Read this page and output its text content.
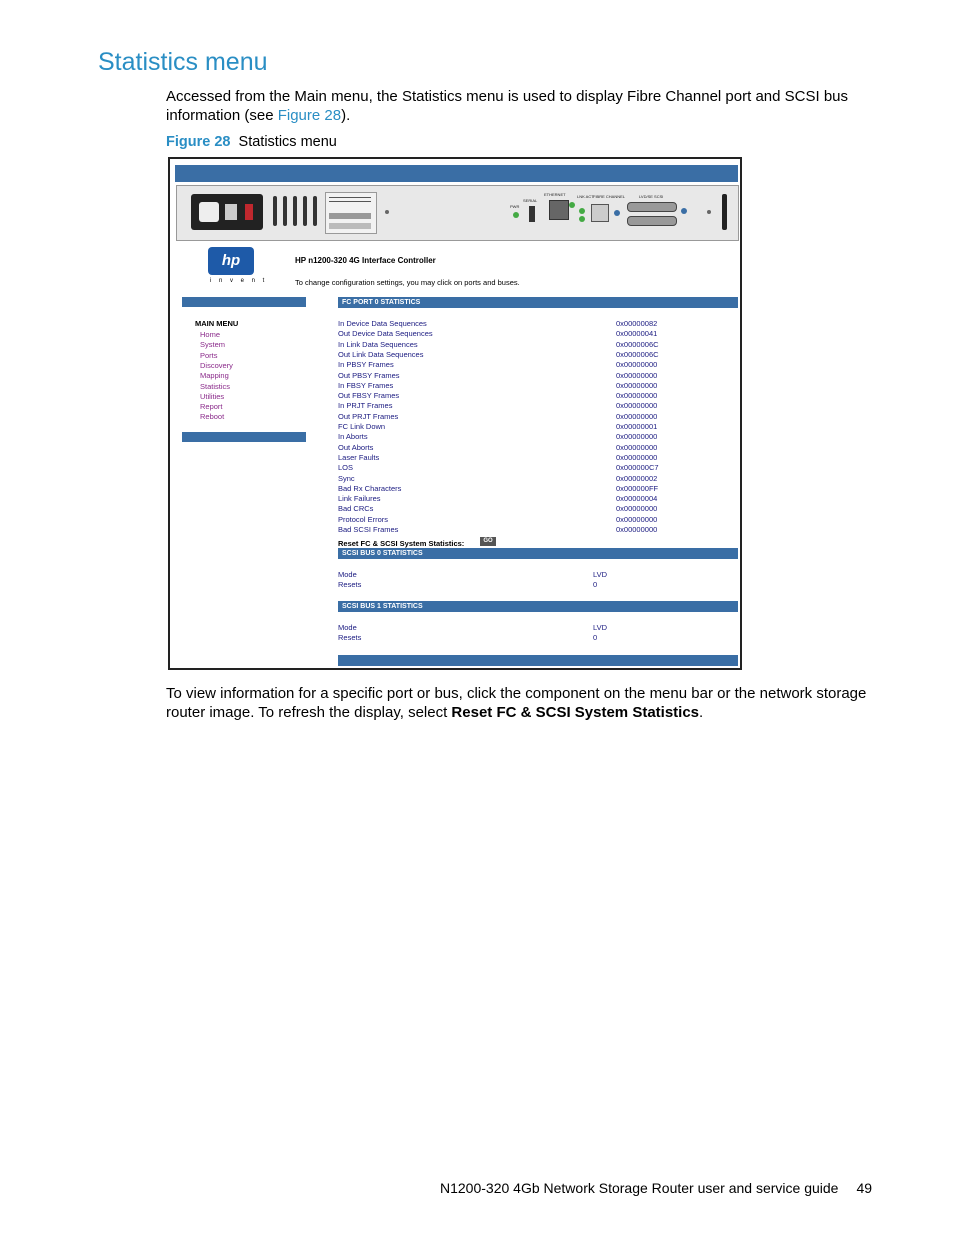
Statistics menu
Accessed from the Main menu, the Statistics menu is used to display Fibre Channel port and SCSI bus information (see Figure 28).
Figure 28 Statistics menu
PWR
SERIAL
ETHERNET	LNK ACT FIBRE CHANNEL	LVD/SE SCSI
hp
i n v e n t
HP n1200-320 4G Interface Controller
To change configuration settings, you may click on ports and buses.
MAIN MENU
FC PORT 0 STATISTICS
Reset FC & SCSI System Statistics:	GO
SCSI BUS 0 STATISTICS
SCSI BUS 1 STATISTICS
Home
System
Ports
Discovery
Mapping
Statistics
Utilities
Report
Reboot
In Device Data Sequences	0x00000082
Out Device Data Sequences	0x00000041
In Link Data Sequences	0x0000006C
Out Link Data Sequences	0x0000006C
In PBSY Frames	0x00000000
Out PBSY Frames	0x00000000
In FBSY Frames	0x00000000
Out FBSY Frames	0x00000000
In PRJT Frames	0x00000000
Out PRJT Frames	0x00000000
FC Link Down	0x00000001
In Aborts	0x00000000
Out Aborts	0x00000000
Laser Faults	0x00000000
LOS	0x000000C7
Sync	0x00000002
Bad Rx Characters	0x000000FF
Link Failures	0x00000004
Bad CRCs	0x00000000
Protocol Errors	0x00000000
Bad SCSI Frames	0x00000000
Mode	LVD
Resets	0
Mode	LVD
Resets	0
To view information for a specific port or bus, click the component on the menu bar or the network storage router image. To refresh the display, select Reset FC & SCSI System Statistics.
N1200-320 4Gb Network Storage Router user and service guide 49
